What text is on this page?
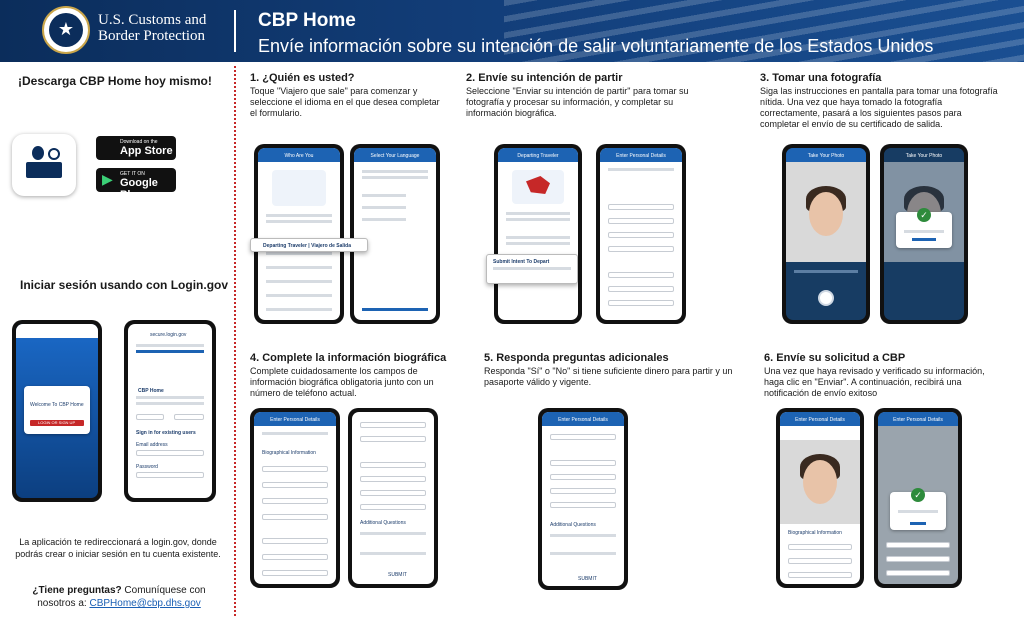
★	U.S. Customs and
Border Protection
CBP Home
Envíe información sobre su intención de salir voluntariamente de los Estados Unidos
¡Descarga CBP Home hoy mismo!
Download on the
App Store
▶ GET IT ON
Google Play
Iniciar sesión usando con Login.gov
Welcome To CBP Home
LOGIN OR SIGN UP
secure.login.gov
CBP Home
Sign in for existing users
Email address
Password
La aplicación te redireccionará a login.gov, donde podrás crear o iniciar sesión en tu cuenta existente.
¿Tiene preguntas? Comuníquese con nosotros a: CBPHome@cbp.dhs.gov
1. ¿Quién es usted?
Toque "Viajero que sale" para comenzar y seleccione el idioma en el que desea completar el formulario.
2. Envíe su intención de partir
Seleccione "Enviar su intención de partir" para tomar su fotografía y procesar su información, y completar su información biográfica.
3. Tomar una fotografía
Siga las instrucciones en pantalla para tomar una fotografía nítida. Una vez que haya tomado la fotografía correctamente, pasará a los siguientes pasos para completar el envío de su certificado de salida.
4. Complete la información biográfica
Complete cuidadosamente los campos de información biográfica obligatoria junto con un número de teléfono actual.
5. Responda preguntas adicionales
Responda "Sí" o "No" si tiene suficiente dinero para partir y un pasaporte válido y vigente.
6. Envíe su solicitud a CBP
Una vez que haya revisado y verificado su información, haga clic en "Enviar". A continuación, recibirá una notificación de envío exitoso
Who Are You	Select Your Language
Departing Traveler | Viajero de Salida
Departing Traveler
Submit Intent To Depart
Enter Personal Details	Take Your Photo	Take Your Photo
✓
Enter Personal Details
Biographical Information
Additional Questions
SUBMIT
Enter Personal Details
Additional Questions
SUBMIT
Enter Personal Details
Biographical Information
Enter Personal Details
✓
